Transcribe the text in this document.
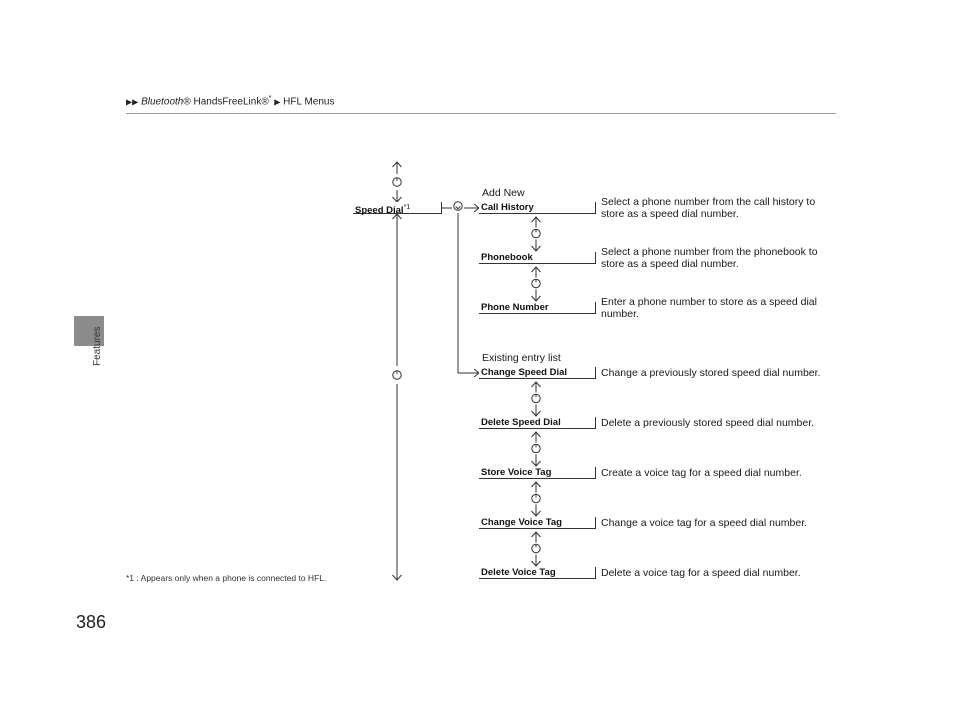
▶▶ Bluetooth® HandsFreeLink®* ▶ HFL Menus
Features
386
*1 : Appears only when a phone is connected to HFL.
Speed Dial$^{*1}$
Add New
Existing entry list
Call History	Select a phone number from the call history to store as a speed dial number.
Phonebook	Select a phone number from the phonebook to store as a speed dial number.
Phone Number	Enter a phone number to store as a speed dial number.
Change Speed Dial	Change a previously stored speed dial number.
Delete Speed Dial	Delete a previously stored speed dial number.
Store Voice Tag	Create a voice tag for a speed dial number.
Change Voice Tag	Change a voice tag for a speed dial number.
Delete Voice Tag	Delete a voice tag for a speed dial number.
